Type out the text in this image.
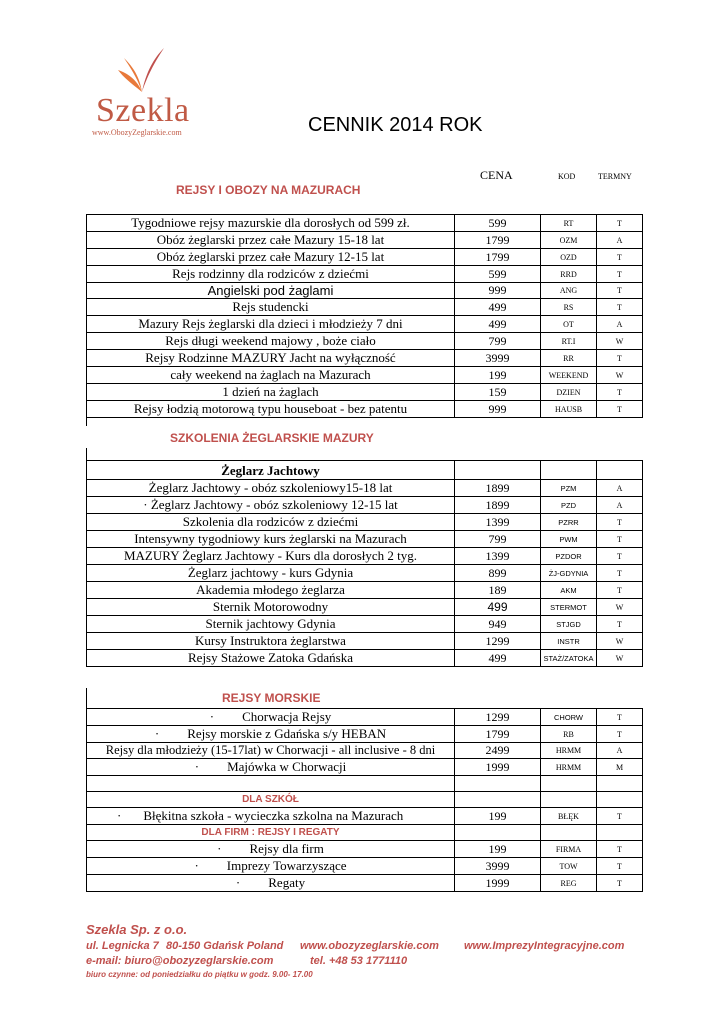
Szekla
www.ObozyZeglarskie.com	CENNIK 2014 ROK
CENA	KOD	TERMNY
REJSY I OBOZY NA MAZURACH
Tygodniowe rejsy mazurskie dla dorosłych od 599 zł.	599	RT	T
Obóz żeglarski przez całe Mazury 15-18 lat	1799	OZM	A
Obóz żeglarski przez całe Mazury 12-15 lat	1799	OZD	T
Rejs rodzinny dla rodziców z dziećmi	599	RRD	T
Angielski pod żaglami	999	ANG	T
Rejs studencki	499	RS	T
Mazury Rejs żeglarski dla dzieci i młodzieży 7 dni	499	OT	A
Rejs długi weekend majowy , boże ciało	799	RT.I	W
Rejsy Rodzinne MAZURY Jacht na wyłączność	3999	RR	T
cały weekend na żaglach na Mazurach	199	WEEKEND	W
1 dzień na żaglach	159	DZIEN	T
Rejsy łodzią motorową typu houseboat - bez patentu	999	HAUSB	T
SZKOLENIA ŻEGLARSKIE MAZURY
Żeglarz Jachtowy			
Żeglarz Jachtowy - obóz szkoleniowy15-18 lat	1899	PZM	A
· Żeglarz Jachtowy - obóz szkoleniowy 12-15 lat	1899	PZD	A
Szkolenia dla rodziców z dziećmi	1399	PZRR	T
Intensywny tygodniowy kurs żeglarski na Mazurach	799	PWM	T
MAZURY Żeglarz Jachtowy - Kurs dla dorosłych 2 tyg.	1399	PZDOR	T
Żeglarz jachtowy - kurs Gdynia	899	ŻJ-GDYNIA	T
Akademia młodego żeglarza	189	AKM	T
Sternik Motorowodny	499	STERMOT	W
Sternik jachtowy Gdynia	949	STJGD	T
Kursy Instruktora żeglarstwa	1299	INSTR	W
Rejsy Stażowe Zatoka Gdańska	499	STAŻ/ZATOKA	W
REJSY MORSKIE
· Chorwacja Rejsy	1299	CHORW	T
· Rejsy morskie z Gdańska s/y HEBAN	1799	RB	T
Rejsy dla młodzieży (15-17lat) w Chorwacji - all inclusive - 8 dni	2499	HRMM	A
· Majówka w Chorwacji	1999	HRMM	M

DLA SZKÓŁ			
· Błękitna szkoła - wycieczka szkolna na Mazurach	199	BŁĘK	T
DLA FIRM : REJSY I REGATY			
· Rejsy dla firm	199	FIRMA	T
· Imprezy Towarzyszące	3999	TOW	T
· Regaty	1999	REG	T
Szekla Sp. z o.o.
ul. Legnicka 7 80-150 Gdańsk Poland www.obozyzeglarskie.com www.ImprezyIntegracyjne.com
e-mail: biuro@obozyzeglarskie.com	tel. +48 53 1771110
biuro czynne: od poniedziałku do piątku w godz. 9.00- 17.00
